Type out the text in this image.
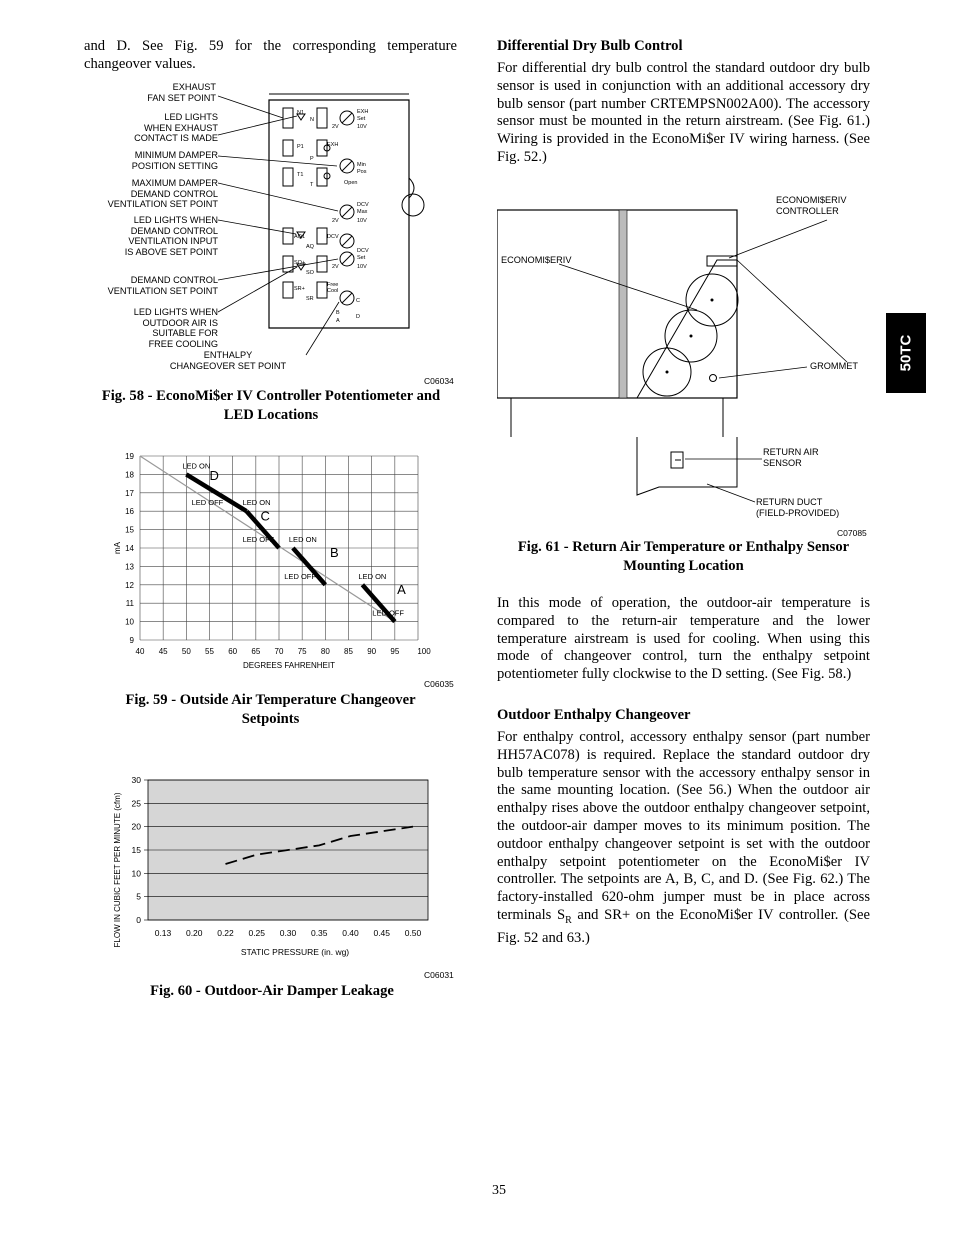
and D. See Fig. 59 for the corresponding temperature changeover values.

EXHAUST
FAN SET POINT
LED LIGHTS
WHEN EXHAUST
CONTACT IS MADE
MINIMUM DAMPER
POSITION SETTING
MAXIMUM DAMPER
DEMAND CONTROL
VENTILATION SET POINT
LED LIGHTS WHEN
DEMAND CONTROL
VENTILATION INPUT
IS ABOVE SET POINT
DEMAND CONTROL
VENTILATION SET POINT
LED LIGHTS WHEN
OUTDOOR AIR IS
SUITABLE FOR
FREE COOLING
ENTHALPY
CHANGEOVER SET POINT
N1
N
P1
P
T1
T
AQ1
AQ
SO+
SO
SR+
SR
EXH
Set
2V	10V
EXH
Min
Pos
Open
DCV
Max
2V	10V
DCV
DCV
Set
2V	10V
Free
Cool
B
C
A
D
C06034

Fig. 58 - EconoMi$er IV Controller Potentiometer and LED Locations

D
C
B
A
LED ON
LED OFF	LED ON
LED OFF LED ON
LED OFF	LED ON
LED OFF
40 45 50 55 60 65 70 75 80 85 90 95 100
9
10
11
12
13
14
15
16
17
18
19
DEGREES FAHRENHEIT
mA
C06035

Fig. 59 - Outside Air Temperature Changeover Setpoints

0
5
10
15
20
25
30
0.13 0.20 0.22 0.25 0.30 0.35 0.40 0.45 0.50
STATIC PRESSURE (in. wg)
FLOW IN CUBIC FEET PER MINUTE (cfm)
C06031

Fig. 60 - Outdoor-Air Damper Leakage

Differential Dry Bulb Control

For differential dry bulb control the standard outdoor dry bulb sensor is used in conjunction with an additional accessory dry bulb sensor (part number CRTEMPSN002A00). The accessory sensor must be mounted in the return airstream. (See Fig. 61.) Wiring is provided in the EconoMi$er IV wiring harness. (See Fig. 52.)

ECONOMI$ERIV
CONTROLLER
ECONOMI$ERIV
GROMMET
RETURN AIR
SENSOR
RETURN DUCT
(FIELD-PROVIDED)
C07085

Fig. 61 - Return Air Temperature or Enthalpy Sensor Mounting Location

In this mode of operation, the outdoor-air temperature is compared to the return-air temperature and the lower temperature airstream is used for cooling. When using this mode of changeover control, turn the enthalpy setpoint potentiometer fully clockwise to the D setting. (See Fig. 58.)

Outdoor Enthalpy Changeover

For enthalpy control, accessory enthalpy sensor (part number HH57AC078) is required. Replace the standard outdoor dry bulb temperature sensor with the accessory enthalpy sensor in the same mounting location. (See 56.) When the outdoor air enthalpy rises above the outdoor enthalpy changeover setpoint, the outdoor-air damper moves to its minimum position. The outdoor enthalpy changeover setpoint is set with the outdoor enthalpy setpoint potentiometer on the EconoMi$er IV controller. The setpoints are A, B, C, and D. (See Fig. 62.) The factory-installed 620-ohm jumper must be in place across terminals $S_R$ and SR+ on the EconoMi$er IV controller. (See Fig. 52 and 63.)

50TC
35
